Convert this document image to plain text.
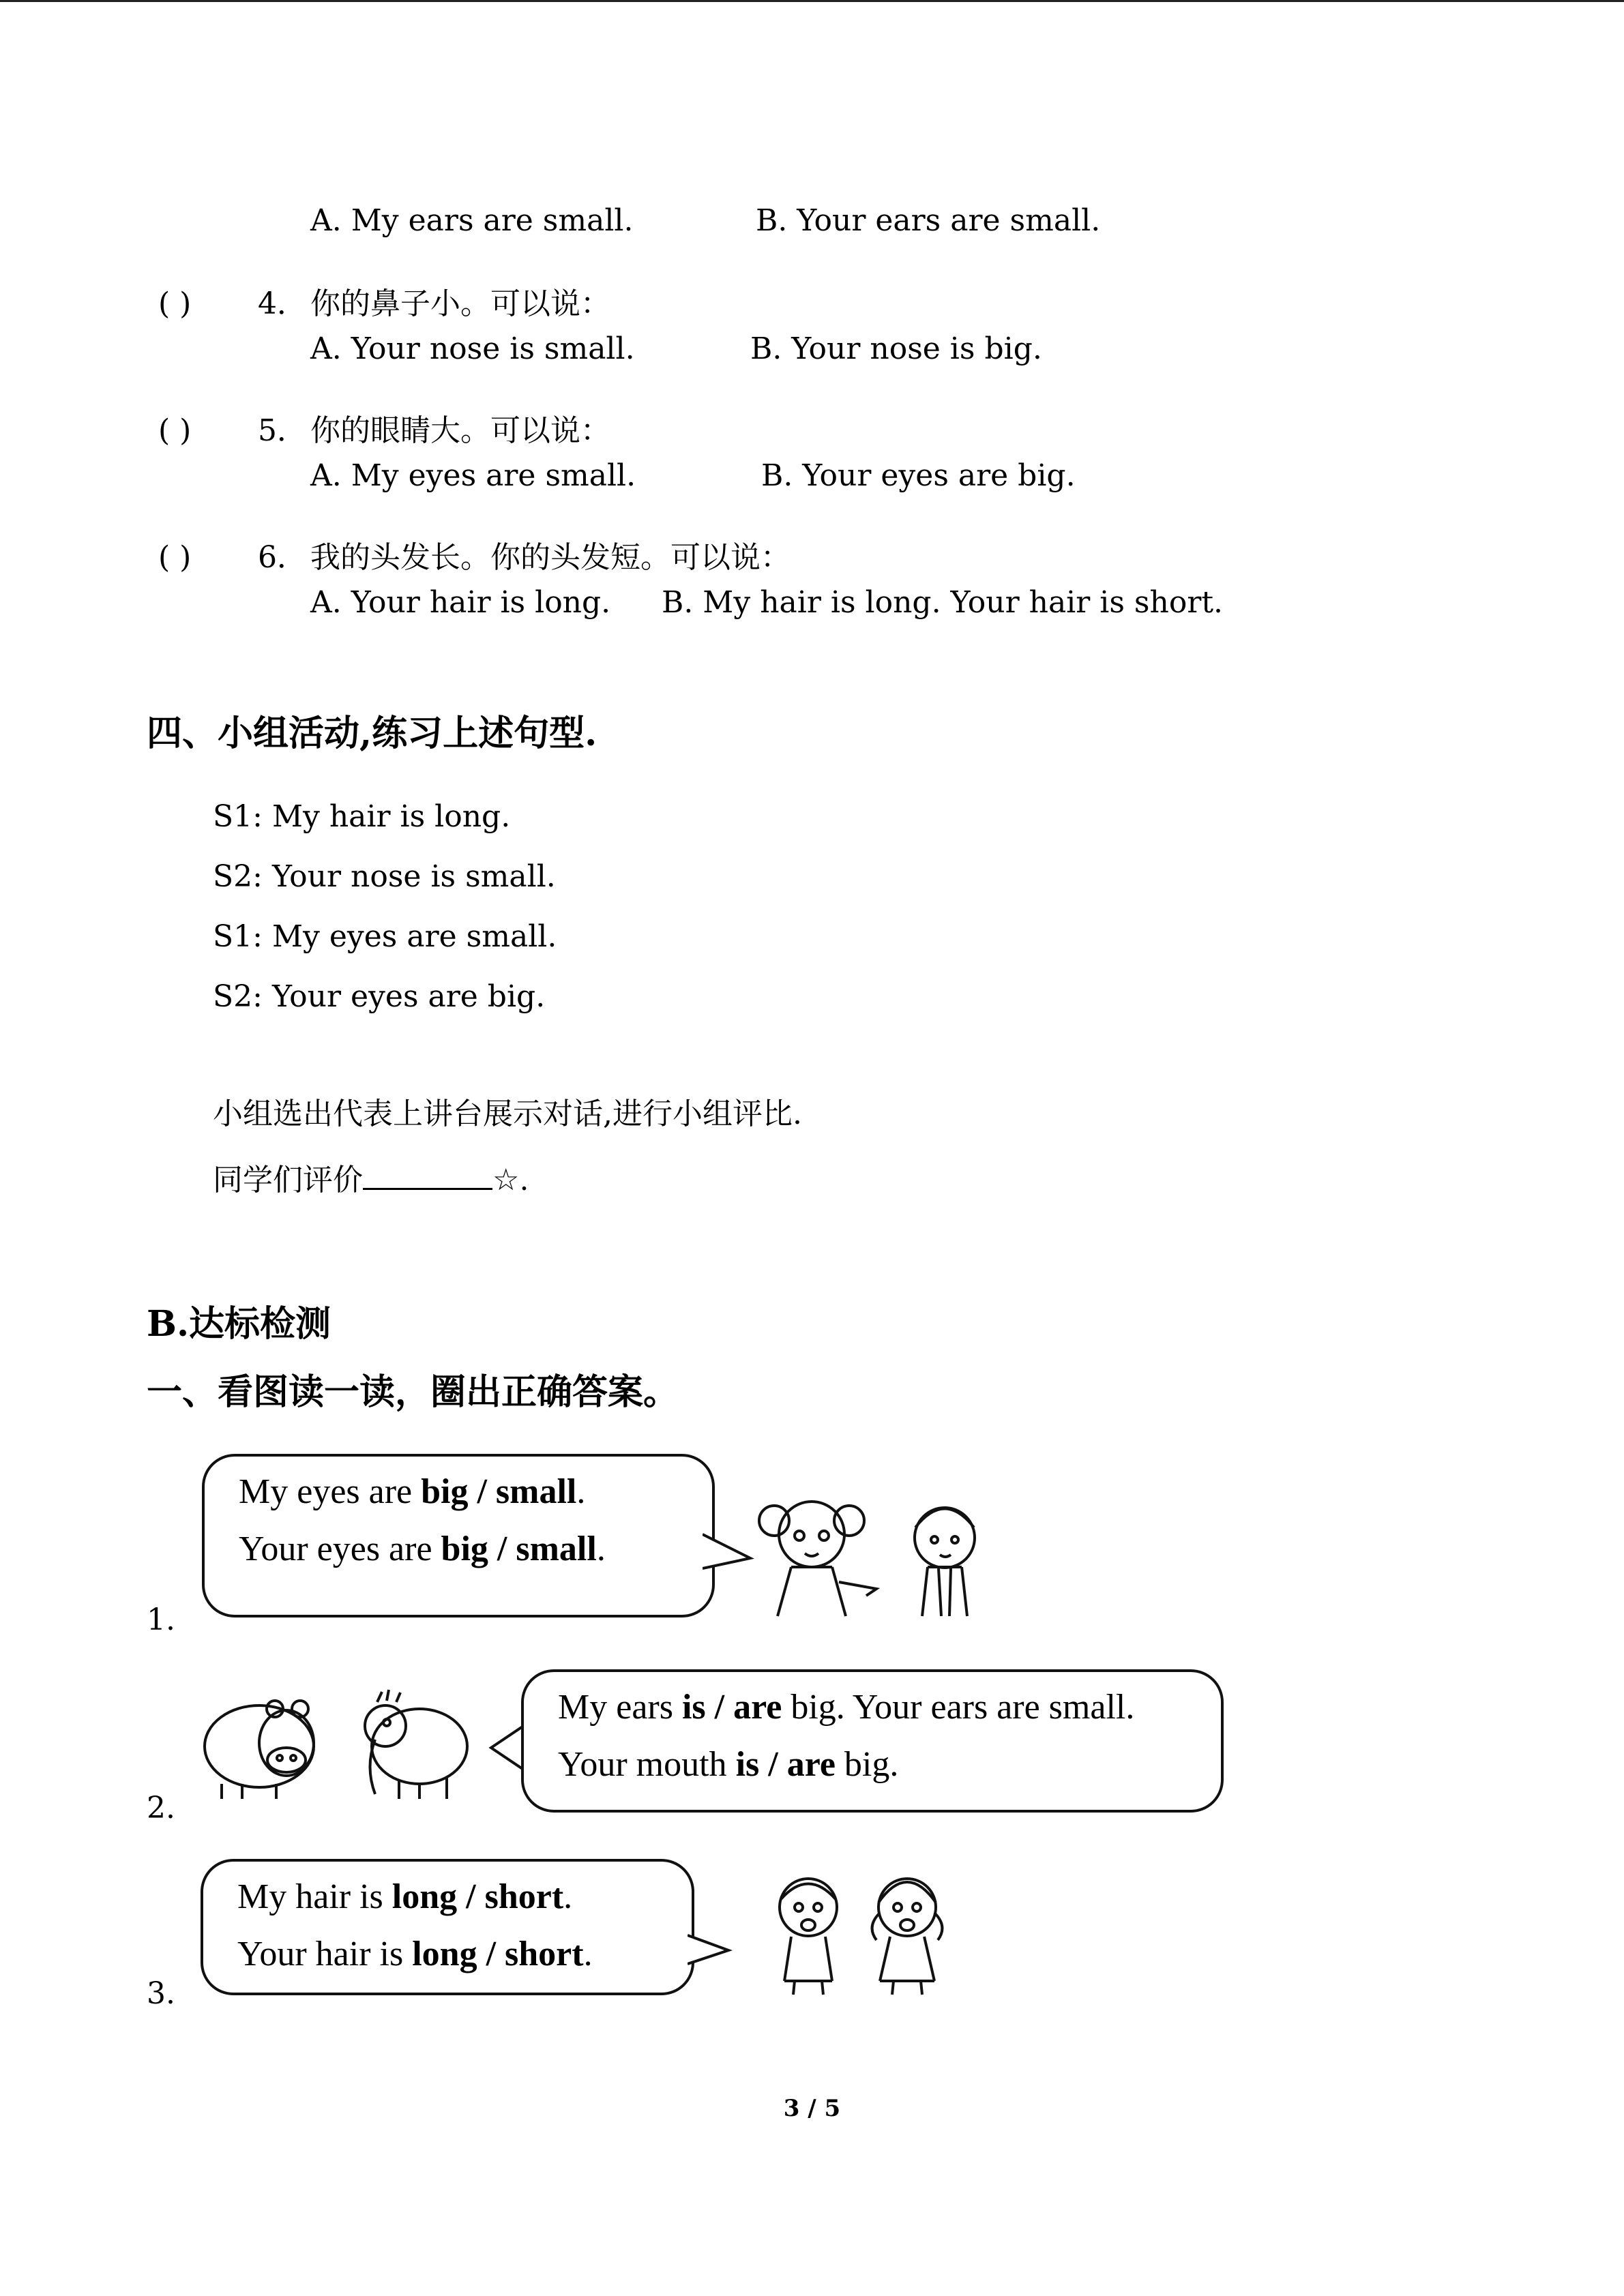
A. My ears are small.	B. Your ears are small.
( ) 4． 你的鼻子小。可以说：
A. Your nose is small.	B. Your nose is big.
( ) 5． 你的眼睛大。可以说：
A. My eyes are small.	B. Your eyes are big.
( ) 6． 我的头发长。你的头发短。可以说：
A. Your hair is long. B. My hair is long. Your hair is short.
四、小组活动,练习上述句型.
S1: My hair is long.
S2: Your nose is small.
S1: My eyes are small.
S2: Your eyes are big.
小组选出代表上讲台展示对话,进行小组评比.
同学们评价	☆.
B.达标检测
一、看图读一读，圈出正确答案。
My eyes are big / small.
Your eyes are big / small.
1.
My ears is / are big. Your ears are small.
Your mouth is / are big.
2.
My hair is long / short.
Your hair is long / short.
3.
3 / 5
